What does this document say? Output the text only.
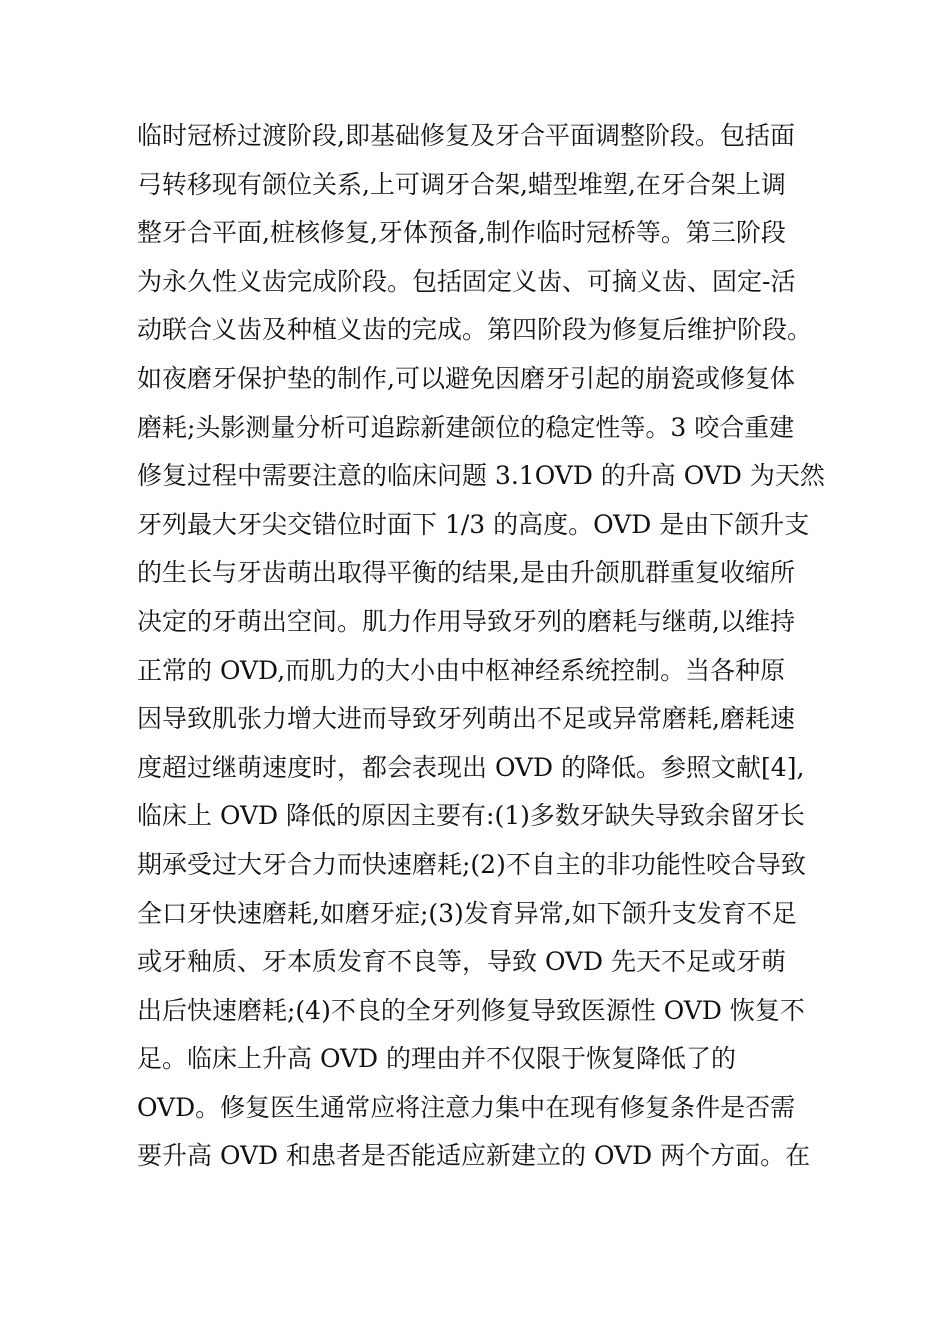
临时冠桥过渡阶段,即基础修复及牙合平面调整阶段。包括面
弓转移现有颌位关系,上可调牙合架,蜡型堆塑,在牙合架上调
整牙合平面,桩核修复,牙体预备,制作临时冠桥等。第三阶段
为永久性义齿完成阶段。包括固定义齿、可摘义齿、固定-活
动联合义齿及种植义齿的完成。第四阶段为修复后维护阶段。
如夜磨牙保护垫的制作,可以避免因磨牙引起的崩瓷或修复体
磨耗;头影测量分析可追踪新建颌位的稳定性等。3 咬合重建
修复过程中需要注意的临床问题 3.1OVD 的升高 OVD 为天然
牙列最大牙尖交错位时面下 1/3 的高度。OVD 是由下颌升支
的生长与牙齿萌出取得平衡的结果,是由升颌肌群重复收缩所
决定的牙萌出空间。肌力作用导致牙列的磨耗与继萌,以维持
正常的 OVD,而肌力的大小由中枢神经系统控制。当各种原
因导致肌张力增大进而导致牙列萌出不足或异常磨耗,磨耗速
度超过继萌速度时，都会表现出 OVD 的降低。参照文献[4],
临床上 OVD 降低的原因主要有:(1)多数牙缺失导致余留牙长
期承受过大牙合力而快速磨耗;(2)不自主的非功能性咬合导致
全口牙快速磨耗,如磨牙症;(3)发育异常,如下颌升支发育不足
或牙釉质、牙本质发育不良等，导致 OVD 先天不足或牙萌
出后快速磨耗;(4)不良的全牙列修复导致医源性 OVD 恢复不
足。临床上升高 OVD 的理由并不仅限于恢复降低了的
OVD。修复医生通常应将注意力集中在现有修复条件是否需
要升高 OVD 和患者是否能适应新建立的 OVD 两个方面。在
